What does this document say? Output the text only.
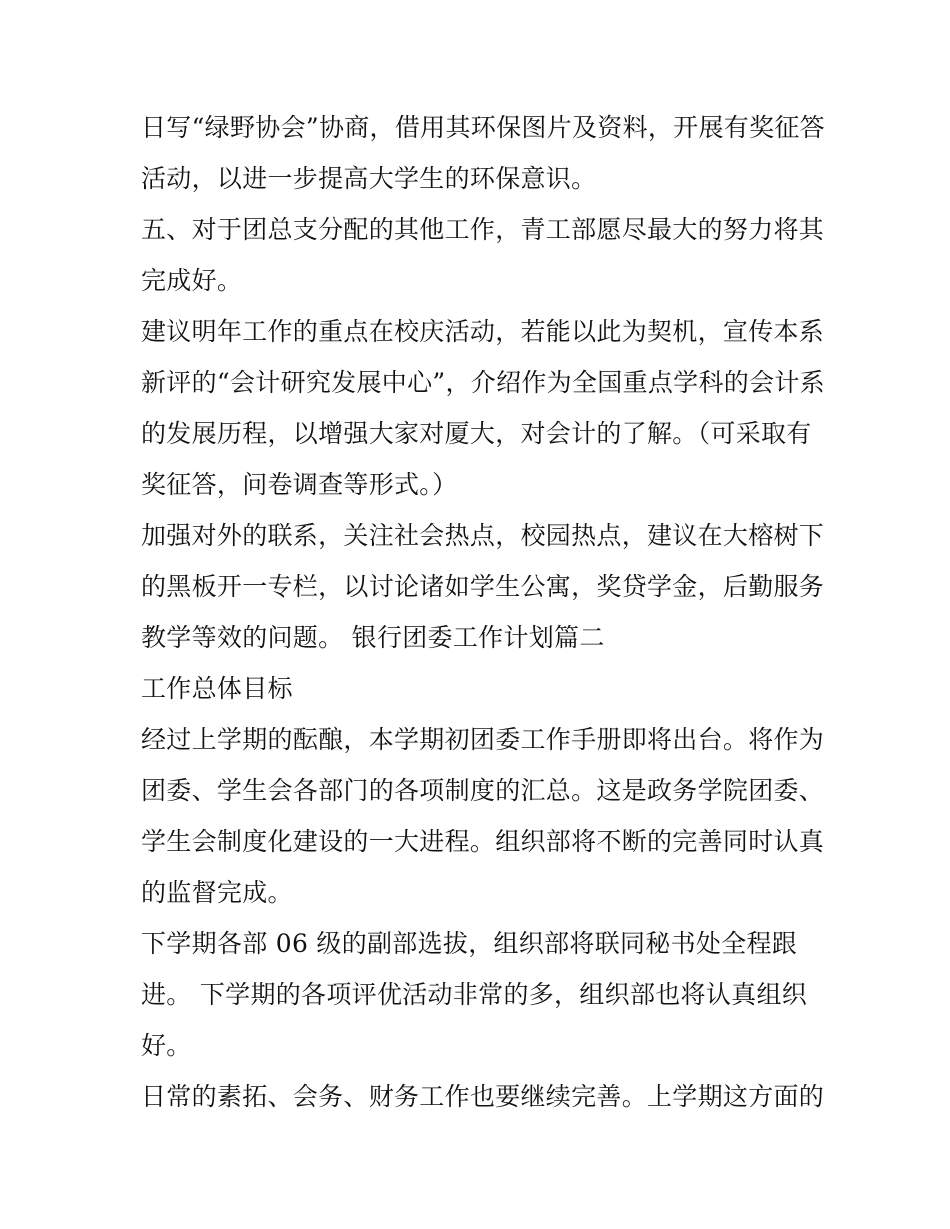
日写“绿野协会”协商，借用其环保图片及资料，开展有奖征答
活动，以进一步提高大学生的环保意识。
五、对于团总支分配的其他工作，青工部愿尽最大的努力将其
完成好。
建议明年工作的重点在校庆活动，若能以此为契机，宣传本系
新评的“会计研究发展中心”，介绍作为全国重点学科的会计系
的发展历程，以增强大家对厦大，对会计的了解。（可采取有
奖征答，问卷调查等形式。）
加强对外的联系，关注社会热点，校园热点，建议在大榕树下
的黑板开一专栏，以讨论诸如学生公寓，奖贷学金，后勤服务
教学等效的问题。 银行团委工作计划篇二
工作总体目标
经过上学期的酝酿，本学期初团委工作手册即将出台。将作为
团委、学生会各部门的各项制度的汇总。这是政务学院团委、
学生会制度化建设的一大进程。组织部将不断的完善同时认真
的监督完成。
下学期各部 06 级的副部选拔，组织部将联同秘书处全程跟
进。 下学期的各项评优活动非常的多，组织部也将认真组织
好。
日常的素拓、会务、财务工作也要继续完善。上学期这方面的
